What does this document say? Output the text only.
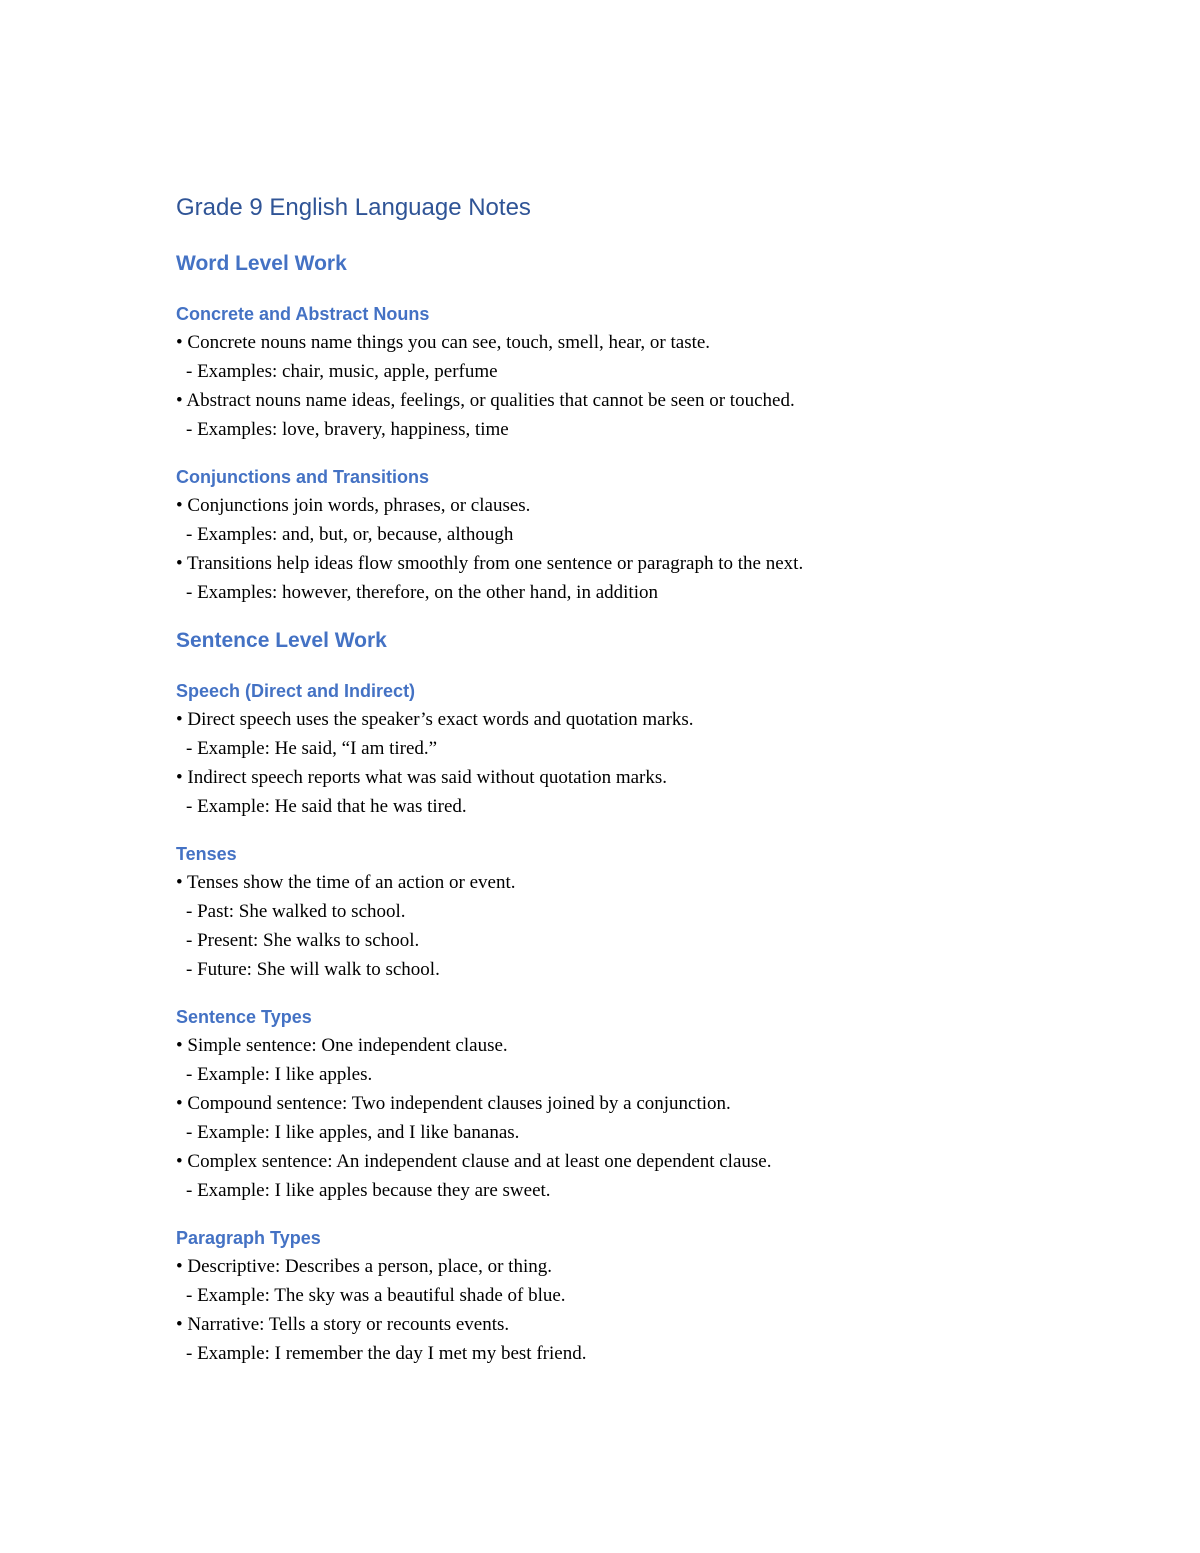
Grade 9 English Language Notes
Word Level Work
Concrete and Abstract Nouns

• Concrete nouns name things you can see, touch, smell, hear, or taste.

- Examples: chair, music, apple, perfume

• Abstract nouns name ideas, feelings, or qualities that cannot be seen or touched.

- Examples: love, bravery, happiness, time

Conjunctions and Transitions

• Conjunctions join words, phrases, or clauses.

- Examples: and, but, or, because, although

• Transitions help ideas flow smoothly from one sentence or paragraph to the next.

- Examples: however, therefore, on the other hand, in addition

Sentence Level Work
Speech (Direct and Indirect)

• Direct speech uses the speaker’s exact words and quotation marks.

- Example: He said, “I am tired.”

• Indirect speech reports what was said without quotation marks.

- Example: He said that he was tired.

Tenses

• Tenses show the time of an action or event.

- Past: She walked to school.

- Present: She walks to school.

- Future: She will walk to school.

Sentence Types

• Simple sentence: One independent clause.

- Example: I like apples.

• Compound sentence: Two independent clauses joined by a conjunction.

- Example: I like apples, and I like bananas.

• Complex sentence: An independent clause and at least one dependent clause.

- Example: I like apples because they are sweet.

Paragraph Types

• Descriptive: Describes a person, place, or thing.

- Example: The sky was a beautiful shade of blue.

• Narrative: Tells a story or recounts events.

- Example: I remember the day I met my best friend.
